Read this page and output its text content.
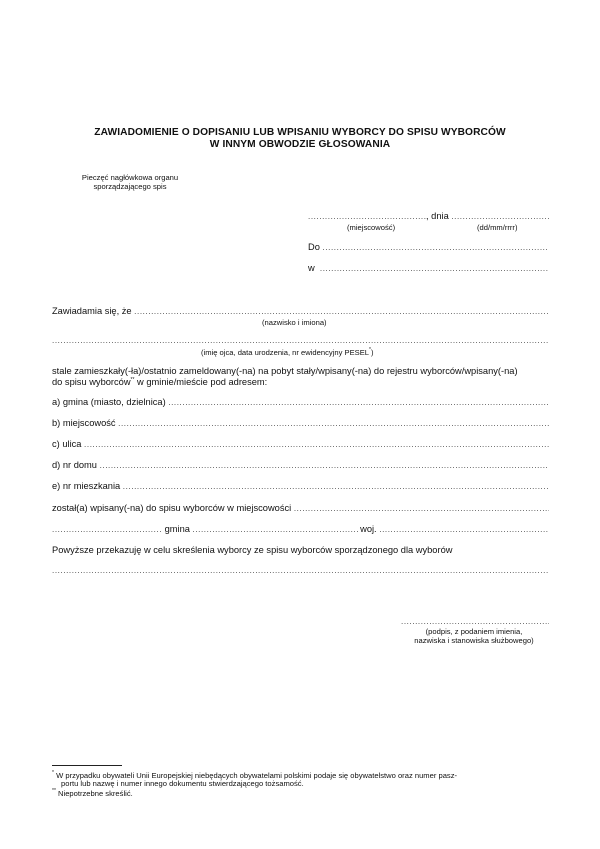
ZAWIADOMIENIE O DOPISANIU LUB WPISANIU WYBORCY DO SPISU WYBORCÓW
W INNYM OBWODZIE GŁOSOWANIA
Pieczęć nagłówkowa organu
sporządzającego spis
.....
, dnia

.....
(miejscowość)	(dd/mm/rrrr)
Do

.....
w

.....
Zawiadamia się, że

.....
(nazwisko i imiona)
.....
(imię ojca, data urodzenia, nr ewidencyjny PESEL*)
stale zamieszkały(-ła)/ostatnio zameldowany(-na) na pobyt stały/wpisany(-na) do rejestru wyborców/wpisany(-na)
do spisu wyborców** w gminie/mieście pod adresem:
a) gmina (miasto, dzielnica)

.....
b) miejscowość

.....
c) ulica

.....
d) nr domu

.....
e) nr mieszkania

.....
został(a) wpisany(-na) do spisu wyborców w miejscowości

.....
.....

gmina
.....
	woj.

.....
Powyższe przekazuję w celu skreślenia wyborcy ze spisu wyborców sporządzonego dla wyborów
.....
.....
(podpis, z podaniem imienia,
nazwiska i stanowiska służbowego)
* W przypadku obywateli Unii Europejskiej niebędących obywatelami polskimi podaje się obywatelstwo oraz numer pasz-
portu lub nazwę i numer innego dokumentu stwierdzającego tożsamość.
** Niepotrzebne skreślić.
